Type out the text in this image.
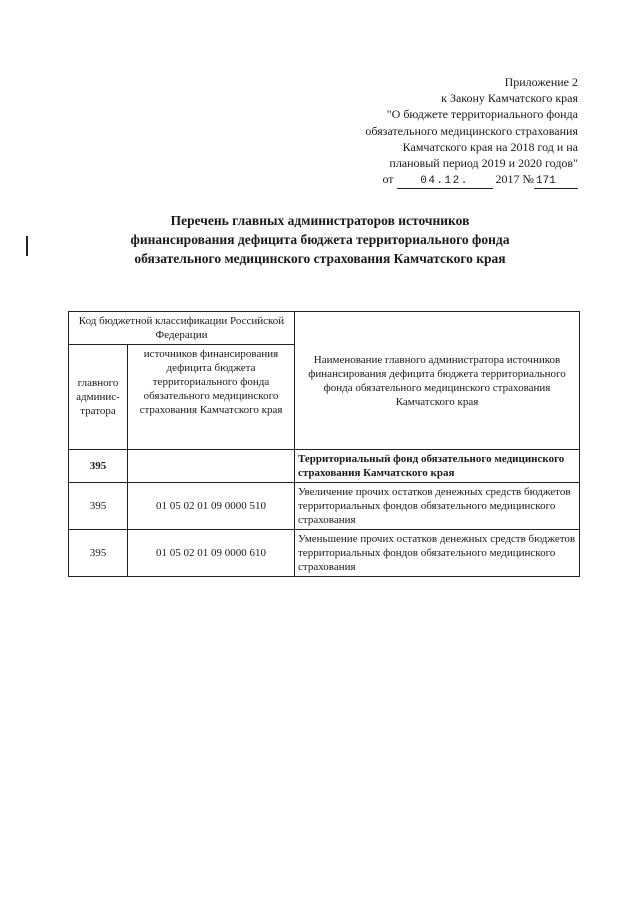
Приложение 2
к Закону Камчатского края
"О бюджете территориального фонда
обязательного медицинского страхования
Камчатского края на 2018 год и на
плановый период 2019 и 2020 годов"
от 04.12. 2017 № 171
Перечень главных администраторов источников
финансирования дефицита бюджета территориального фонда
обязательного медицинского страхования Камчатского края
Код бюджетной классификации Российской Федерации		Наименование главного администратора источников финансирования дефицита бюджета территориального фонда обязательного медицинского страхования Камчатского края
главного админис-тратора	источников финансирования дефицита бюджета территориального фонда обязательного медицинского страхования Камчатского края	
395		Территориальный фонд обязательного медицинского страхования Камчатского края
395	01 05 02 01 09 0000 510	Увеличение прочих остатков денежных средств бюджетов территориальных фондов обязательного медицинского страхования
395	01 05 02 01 09 0000 610	Уменьшение прочих остатков денежных средств бюджетов территориальных фондов обязательного медицинского страхования
